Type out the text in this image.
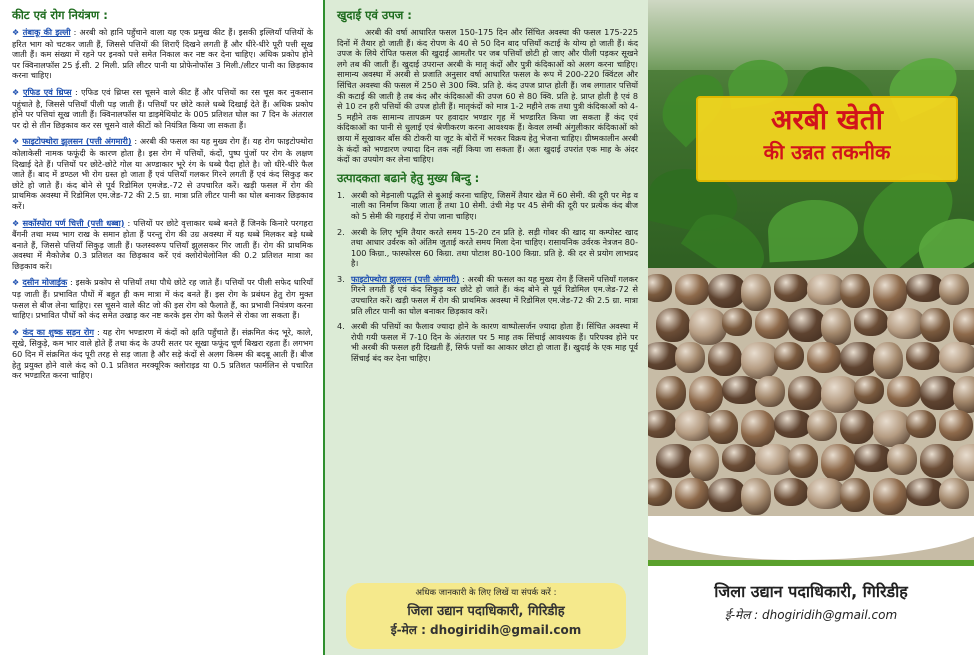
कीट एवं रोग नियंत्रण :

❖ तंबाकू की इल्ली : अरबी को हानि पहुँचाने वाला यह एक प्रमुख कीट हैं। इसकी इल्लियाँ पत्तियों के हरित भाग को चटकर जाती हैं, जिससे पत्तियों की शिराएँ दिखने लगती हैं और धीरे-धीरे पूरी पत्ती सूख जाती हैं। कम संख्या में रहने पर इनको पत्ते समेत निकाल कर नष्ट कर देना चाहिए। अधिक प्रकोप होने पर क्विनालफॉस 25 ई.सी. 2 मिली. प्रति लीटर पानी या प्रोफेनोफॉस 3 मिली./लीटर पानी का छिड़काव करना चाहिए।

❖ एफिड एवं थ्रिप्स : एफिड एवं थ्रिप्स रस चूसने वाले कीट हैं और पत्तियों का रस चूस कर नुकसान पहुंचाते है, जिससे पत्तियाँ पीली पड़ जाती हैं। पत्तियाँ पर छोटे काले धब्बे दिखाई देते हैं। अधिक प्रकोप होने पर पत्तियां सूख जाती हैं। क्विनालफॉस या डाइमेथियोट के 005 प्रतिशत घोल का 7 दिन के अंतराल पर दो से तीन छिड़काव कर रस चूसने वाले कीटों को नियंत्रित किया जा सकता हैं।

❖ फाइटोफ्थोरा झुलसन (पत्ती अंगमारी) : अरबी की फसल का यह मुख्य रोग हैं। यह रोग फाइटोफ्थोरा कोलाकेसी नामक फफूंदी के कारण होता है। इस रोग में पत्तियों, कंदों, पुष्प पुंजों पर रोग के लक्षण दिखाई देते हैं। पत्तियों पर छोटे-छोटे गोल या अण्डाकार भूरे रंग के धब्बे पैदा होते है। जो धीरे-धीरे फैल जाते हैं। बाद में डण्ठल भी रोग ग्रस्त हो जाता हैं एवं पत्तियाँ गलकर गिरने लगती हैं एवं कंद सिकुड़ कर छोटे हो जाते हैं। कंद बोने से पूर्व रिडोमिल एमजेड.-72 से उपचारित करें। खड़ी फसल में रोग की प्राथमिक अवस्था में रिडोमिल एम.जेड-72 की 2.5 ग्रा. मात्रा प्रति लीटर पानी का घोल बनाकर छिड़काव करें।

❖ सर्कोस्पोरा पर्ण चित्ती (पत्ती धब्बा) : पत्तियों पर छोटे वृत्ताकार धब्बे बनते हैं जिनके किनारे परगहरा बैंगनी तथा मध्य भाग राख के समान होता हैं परन्तु रोग की उग्र अवस्था में यह धब्बे मिलकर बड़े धब्बे बनाते हैं, जिससे पत्तियाँ सिकुड़ जाती हैं। फलस्वरूप पत्तियाँ झुलसकर गिर जाती हैं। रोग की प्राथमिक अवस्था में मैकोजेब 0.3 प्रतिशत का छिड़काव करें एवं क्लोरोथेलोनिल की 0.2 प्रतिशत मात्रा का छिड़काव करें।

❖ दसीन मोजाईक : इसके प्रकोप से पत्तियाँ तथा पौधे छोटे रह जाते हैं। पत्तियों पर पीली सफेद धारियाँ पड़ जाती हैं। प्रभावित पौधों में बहुत ही कम मात्रा में कंद बनते हैं। इस रोग के प्रबंधन हेतु रोग मुक्त फसल से बीज लेना चाहिए। रस चूसने वाले कीट जो की इस रोग को फैलाते हैं, का प्रभावी नियंत्रण करना चाहिए। प्रभावित पौधों को कंद समेत उखाड़ कर नष्ट करके इस रोग को फैलने से रोका जा सकता हैं।

❖ कंद का शुष्क सड़न रोग : यह रोग भण्डारण में कंदों को क्षति पहुँचाते हैं। संक्रमित कंद भूरे, काले, सूखे, सिकुड़े, कम भार वाले होते हैं तथा कंद के उपरी सतर पर सूखा फफूंद चूर्ण बिखरा रहता हैं। लगभग 60 दिन में संक्रमित कंद पूरी तरह से सड़ जाता है और सड़े कंदों से अलग किस्म की बदबू आती हैं। बीज हेतु प्रयुक्त होने वाले कंद को 0.1 प्रतिशत मरक्यूरिक क्लोराइड या 0.5 प्रतिशत फार्मलिन से पचारित कर भण्डारित करना चाहिए।

खुदाई एवं उपज :

अरबी की वर्षा आधारित फसल 150-175 दिन और सिंचित अवस्था की फसल 175-225 दिनों में तैयार हो जाती हैं। कंद रोपण के 40 से 50 दिन बाद पत्तियाँ कटाई के योग्य हो जाती हैं। कंद उपज के लिये रोपित फसल की खुदाई आमतौर पर जब पत्तियाँ छोटी हो जाए और पीली पड़कर सूखने लगे तब की जाती हैं। खुदाई उपरान्त अरबी के मातृ कंदों और पुत्री कंदिकाओं को अलग करना चाहिए। सामान्य अवस्था में अरबी से प्रजाति अनुसार वर्षा आधारित फसल के रूप में 200-220 क्विंटल और सिंचित अवस्था की फसल में 250 से 300 क्वि. प्रति हे. कंद उपज प्राप्त होती हैं। जब लगातार पत्तियों की कटाई की जाती है तब कंद और कंदिकाओं की उपज 60 से 80 क्वि. प्रति हे. प्राप्त होती है एवं 8 से 10 टन हरी पत्तियों की उपज होती हैं। मातृकंदों को मात्र 1-2 महीने तक तथा पुत्री कंदिकाओं को 4-5 महीने तक सामान्य तापक्रम पर हवादार भण्डार गृह में भण्डारित किया जा सकता हैं कंद एवं कंदिकाओं का पानी से धुलाई एवं श्रेणीकरण करना आवश्यक हैं। केवल लम्बी अंगुलीकार कंदिकाओं को छाया में सूखाकर बाँस की टोकरी या जूट के बोरों में भरकर विक्रय हेतु भेजना चाहिए। ग्रीष्मकालीन अरबी के कंदों को भण्डारण ज्यादा दिन तक नहीं किया जा सकता हैं। अतः खुदाई उपरांत एक माह के अंदर कंदों का उपयोग कर लेना चाहिए।

उत्पादकता बढाने हेतु मुख्य बिन्दु :
1. अरबी को मेड़नाली पद्धति से बुआई करना चाहिए, जिसमें तैयार खेत में 60 सेमी. की दूरी पर मेड़ व नाली का निर्माण किया जाता हैं तथा 10 सेमी. उंची मेड़ पर 45 सेमी की दूरी पर प्रत्येक कंद बीज को 5 सेमी की गहराई में रोपा जाना चाहिए।
2. अरबी के लिए भूमि तैयार करते समय 15-20 टन प्रति हे. सड़ी गोबर की खाद या कम्पोस्ट खाद तथा आधार उर्वरक को अंतिम जुताई करते समय मिला देना चाहिए। रासायनिक उर्वरक नेत्रजन 80-100 किग्रा., फास्फोरस 60 किग्रा. तथा पोटाश 80-100 किग्रा. प्रति हे. की दर से प्रयोग लाभप्रद है।
3. फाइटोफ्थोरा झुलसन (पत्ती अंगमारी) : अरबी की फसल का यह मुख्य रोग हैं जिसमें पत्तियाँ गलकर गिरने लगती हैं एवं कंद सिकुड़ कर छोटे हो जाते हैं। कंद बोने से पूर्व रिडोमिल एम.जेड-72 से उपचारित करें। खड़ी फसल में रोग की प्राथमिक अवस्था में रिडोमिल एम.जेड-72 की 2.5 ग्रा. मात्रा प्रति लीटर पानी का घोल बनाकर छिड़काव करें।
4. अरबी की पत्तियों का फैलाव ज्यादा होने के कारण वाष्पोत्सर्जन ज्यादा होता हैं। सिंचित अवस्था में रोपी गयी फसल में 7-10 दिन के अंतराल पर 5 माह तक सिंचाई आवश्यक हैं। परिपक्व होने पर भी अरबी की फसल हरी दिखती हैं, सिर्फ पत्तों का आकार छोटा हो जाता हैं। खुदाई के एक माह पूर्व सिंचाई बंद कर देना चाहिए।
अधिक जानकारी के लिए लिखें या संपर्क करें :
जिला उद्यान पदाधिकारी, गिरिडीह
ई-मेल : dhogiridih@gmail.com
अरबी खेती
की उन्नत तकनीक
जिला उद्यान पदाधिकारी, गिरिडीह
ई-मेल : dhogiridih@gmail.com
